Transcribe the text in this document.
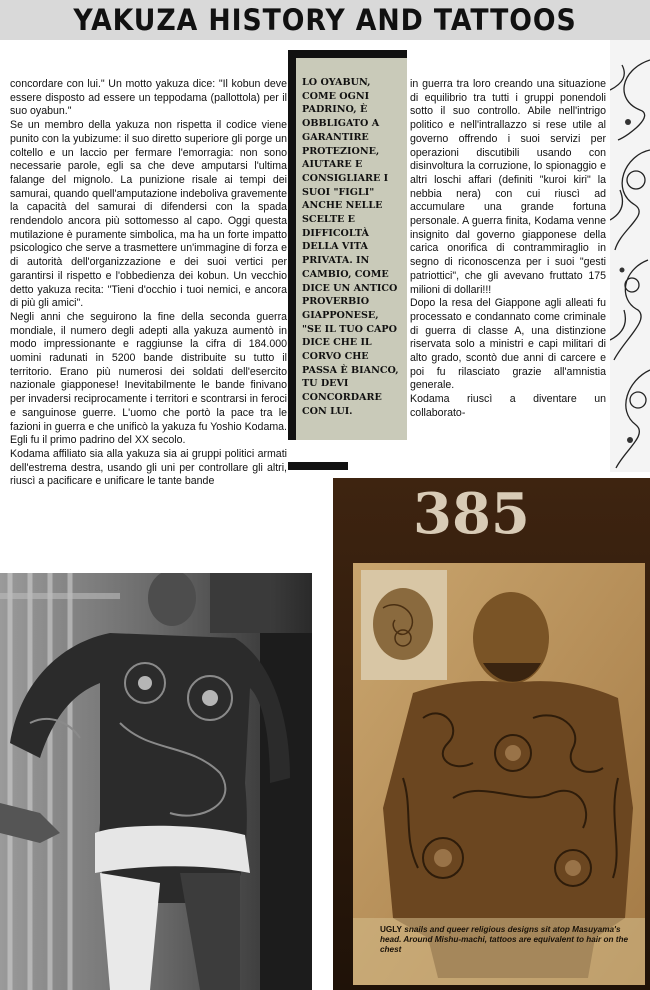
YAKUZA HISTORY AND TATTOOS

concordare con lui." Un motto yakuza dice: "Il kobun deve essere disposto ad essere un teppodama (pallottola) per il suo oyabun."

Se un membro della yakuza non rispetta il codice viene punito con la yubizume: il suo diretto superiore gli porge un coltello e un laccio per fermare l'emorragia: non sono necessarie parole, egli sa che deve amputarsi l'ultima falange del mignolo. La punizione risale ai tempi dei samurai, quando quell'amputazione indeboliva gravemente la capacità del samurai di difendersi con la spada rendendolo ancora più sottomesso al capo. Oggi questa mutilazione è puramente simbolica, ma ha un forte impatto psicologico che serve a trasmettere un'immagine di forza e di autorità dell'organizzazione e dei suoi vertici per garantirsi il rispetto e l'obbedienza dei kobun. Un vecchio detto yakuza recita: "Tieni d'occhio i tuoi nemici, e ancora di più gli amici".

Negli anni che seguirono la fine della seconda guerra mondiale, il numero degli adepti alla yakuza aumentò in modo impressionante e raggiunse la cifra di 184.000 uomini radunati in 5200 bande distribuite su tutto il territorio. Erano più numerosi dei soldati dell'esercito nazionale giapponese! Inevitabilmente le bande finivano per invadersi reciprocamente i territori e scontrarsi in feroci e sanguinose guerre. L'uomo che portò la pace tra le fazioni in guerra e che unificò la yakuza fu Yoshio Kodama. Egli fu il primo padrino del XX secolo.

Kodama affiliato sia alla yakuza sia ai gruppi politici armati dell'estrema destra, usando gli uni per controllare gli altri, riuscì a pacificare e unificare le tante bande

LO OYABUN, COME OGNI PADRINO, È OBBLIGATO A GARANTIRE PROTEZIONE, AIUTARE E CONSIGLIARE I SUOI "FIGLI" ANCHE NELLE SCELTE E DIFFICOLTÀ DELLA VITA PRIVATA. IN CAMBIO, COME DICE UN ANTICO PROVERBIO GIAPPONESE, "SE IL TUO CAPO DICE CHE IL CORVO CHE PASSA È BIANCO, TU DEVI CONCORDARE CON LUI.

in guerra tra loro creando una situazione di equilibrio tra tutti i gruppi ponendoli sotto il suo controllo. Abile nell'intrigo politico e nell'intrallazzo si rese utile al governo offrendo i suoi servizi per operazioni discutibili usando con disinvoltura la corruzione, lo spionaggio e altri loschi affari (definiti "kuroi kiri" la nebbia nera) con cui riuscì ad accumulare una grande fortuna personale. A guerra finita, Kodama venne insignito dal governo giapponese della carica onorifica di contrammiraglio in segno di riconoscenza per i suoi "gesti patriottici", che gli avevano fruttato 175 milioni di dollari!!!

Dopo la resa del Giappone agli alleati fu processato e condannato come criminale di guerra di classe A, una distinzione riservata solo a ministri e capi militari di alto grado, scontò due anni di carcere e poi fu rilasciato grazie all'amnistia generale.

Kodama riuscì a diventare un collaborato-

385
UGLY snails and queer religious designs sit atop Masuyama's head. Around Mishu-machi, tattoos are equivalent to hair on the chest
